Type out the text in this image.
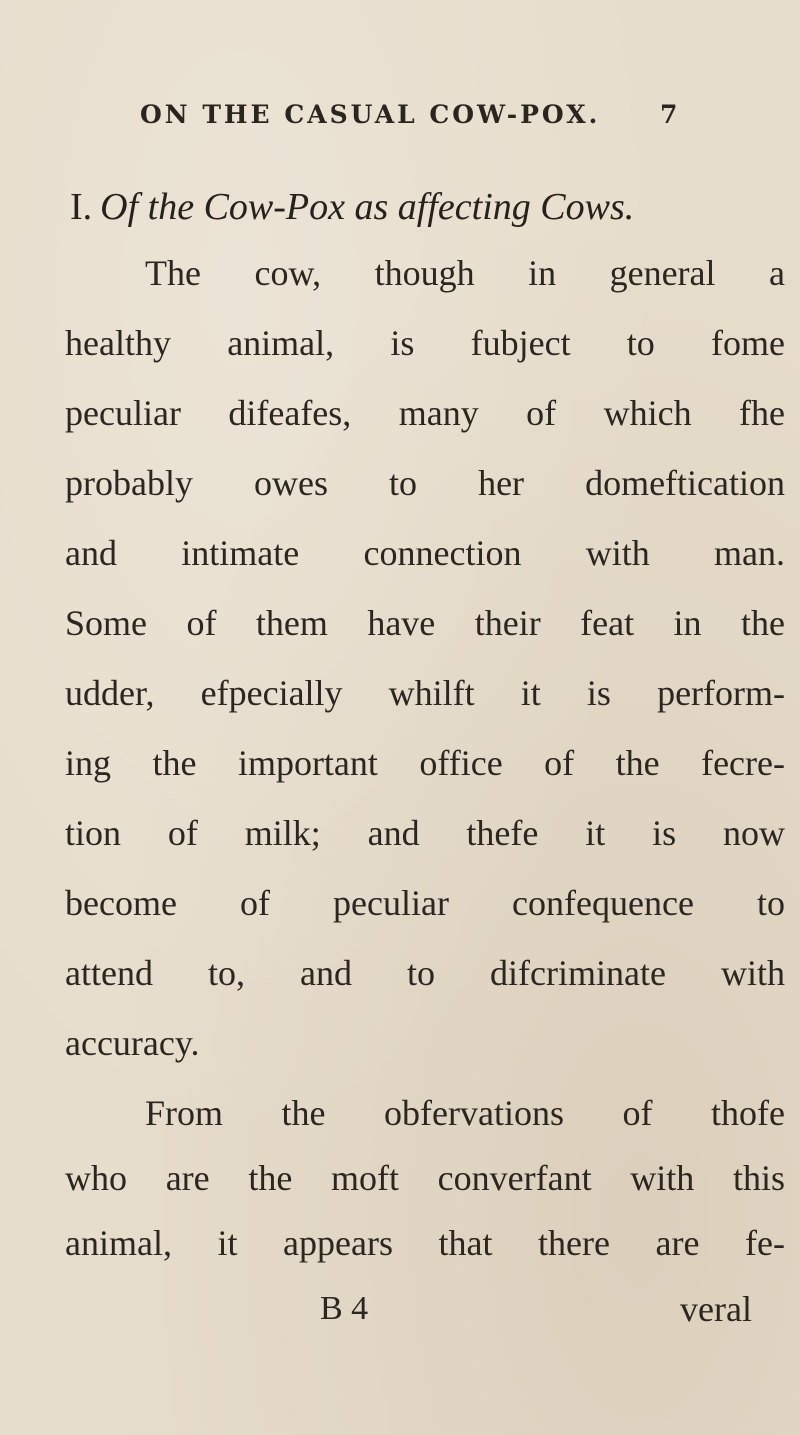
ON THE CASUAL COW-POX. 7
I. Of the Cow-Pox as affecting Cows.
The cow, though in general a
healthy animal, is fubject to fome
peculiar difeafes, many of which fhe
probably owes to her domeftication
and intimate connection with man.
Some of them have their feat in the
udder, efpecially whilft it is perform-
ing the important office of the fecre-
tion of milk; and thefe it is now
become of peculiar confequence to
attend to, and to difcriminate with
accuracy.
From the obfervations of thofe
who are the moft converfant with this
animal, it appears that there are fe-
B 4	veral
